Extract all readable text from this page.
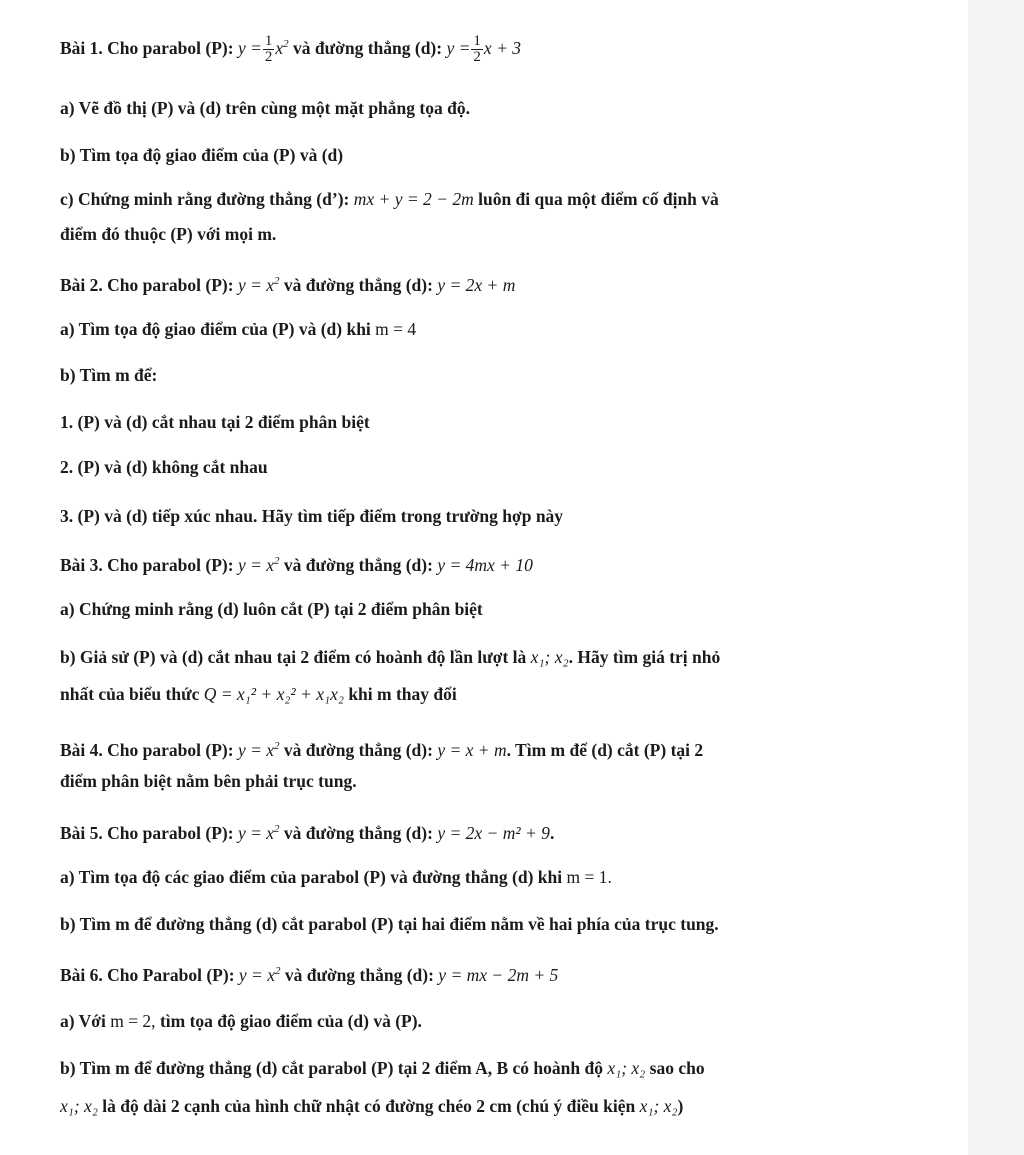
Bài 1. Cho parabol (P): $y = \frac{1}{2} x^2$ và đường thẳng (d): $y = \frac{1}{2}$ x + 3
a) Vẽ đồ thị (P) và (d) trên cùng một mặt phẳng tọa độ.
b) Tìm tọa độ giao điểm của (P) và (d)
c) Chứng minh rằng đường thẳng (d’): mx + y = 2 − 2m luôn đi qua một điểm cố định và
điểm đó thuộc (P) với mọi m.
Bài 2. Cho parabol (P): $y = x^2$ và đường thẳng (d): y = 2x + m
a) Tìm tọa độ giao điểm của (P) và (d) khi m = 4
b) Tìm m để:
1. (P) và (d) cắt nhau tại 2 điểm phân biệt
2. (P) và (d) không cắt nhau
3. (P) và (d) tiếp xúc nhau. Hãy tìm tiếp điểm trong trường hợp này
Bài 3. Cho parabol (P): $y = x^2$ và đường thẳng (d): y = 4mx + 10
a) Chứng minh rằng (d) luôn cắt (P) tại 2 điểm phân biệt
b) Giả sử (P) và (d) cắt nhau tại 2 điểm có hoành độ lần lượt là x₁; x₂. Hãy tìm giá trị nhỏ
nhất của biểu thức Q = x₁² + x₂² + x₁x₂ khi m thay đổi
Bài 4. Cho parabol (P): $y = x^2$ và đường thẳng (d): y = x + m. Tìm m để (d) cắt (P) tại 2
điểm phân biệt nằm bên phải trục tung.
Bài 5. Cho parabol (P): $y = x^2$ và đường thẳng (d): y = 2x − m² + 9.
a) Tìm tọa độ các giao điểm của parabol (P) và đường thẳng (d) khi m = 1.
b) Tìm m để đường thẳng (d) cắt parabol (P) tại hai điểm nằm về hai phía của trục tung.
Bài 6. Cho Parabol (P): $y = x^2$ và đường thẳng (d): y = mx − 2m + 5
a) Với m = 2, tìm tọa độ giao điểm của (d) và (P).
b) Tìm m để đường thẳng (d) cắt parabol (P) tại 2 điểm A, B có hoành độ x₁; x₂ sao cho
x₁; x₂ là độ dài 2 cạnh của hình chữ nhật có đường chéo 2 cm (chú ý điều kiện x₁; x₂)
